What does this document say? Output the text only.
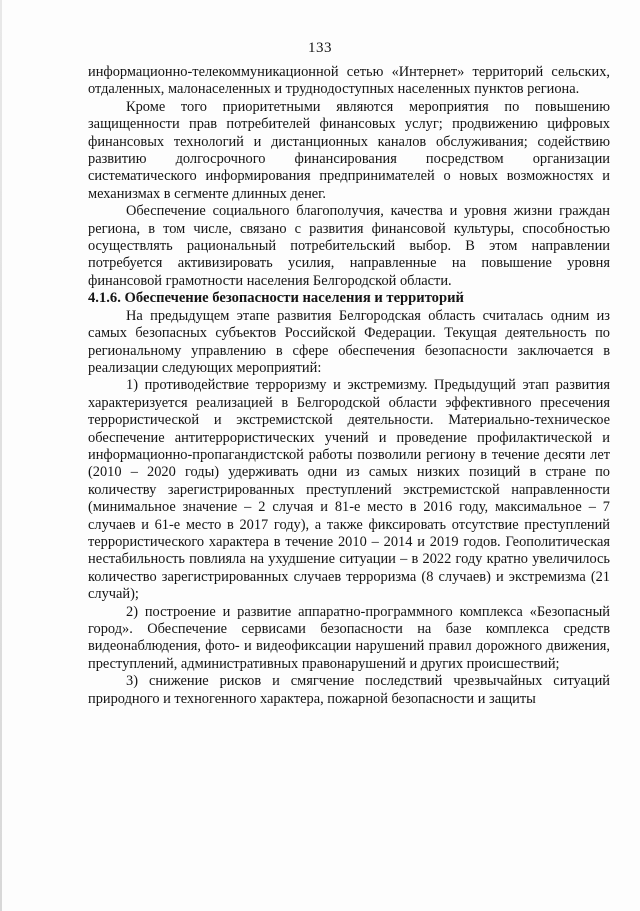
133

информационно-телекоммуникационной сетью «Интернет» территорий сельских, отдаленных, малонаселенных и труднодоступных населенных пунктов региона.

Кроме того приоритетными являются мероприятия по повышению защищенности прав потребителей финансовых услуг; продвижению цифровых финансовых технологий и дистанционных каналов обслуживания; содействию развитию долгосрочного финансирования посредством организации систематического информирования предпринимателей о новых возможностях и механизмах в сегменте длинных денег.

Обеспечение социального благополучия, качества и уровня жизни граждан региона, в том числе, связано с развития финансовой культуры, способностью осуществлять рациональный потребительский выбор. В этом направлении потребуется активизировать усилия, направленные на повышение уровня финансовой грамотности населения Белгородской области.

4.1.6. Обеспечение безопасности населения и территорий

На предыдущем этапе развития Белгородская область считалась одним из самых безопасных субъектов Российской Федерации. Текущая деятельность по региональному управлению в сфере обеспечения безопасности заключается в реализации следующих мероприятий:

1) противодействие терроризму и экстремизму. Предыдущий этап развития характеризуется реализацией в Белгородской области эффективного пресечения террористической и экстремистской деятельности. Материально-техническое обеспечение антитеррористических учений и проведение профилактической и информационно-пропагандистской работы позволили региону в течение десяти лет (2010 – 2020 годы) удерживать одни из самых низких позиций в стране по количеству зарегистрированных преступлений экстремистской направленности (минимальное значение – 2 случая и 81-е место в 2016 году, максимальное – 7 случаев и 61-е место в 2017 году), а также фиксировать отсутствие преступлений террористического характера в течение 2010 – 2014 и 2019 годов. Геополитическая нестабильность повлияла на ухудшение ситуации – в 2022 году кратно увеличилось количество зарегистрированных случаев терроризма (8 случаев) и экстремизма (21 случай);

2) построение и развитие аппаратно-программного комплекса «Безопасный город». Обеспечение сервисами безопасности на базе комплекса средств видеонаблюдения, фото- и видеофиксации нарушений правил дорожного движения, преступлений, административных правонарушений и других происшествий;

3) снижение рисков и смягчение последствий чрезвычайных ситуаций природного и техногенного характера, пожарной безопасности и защиты
